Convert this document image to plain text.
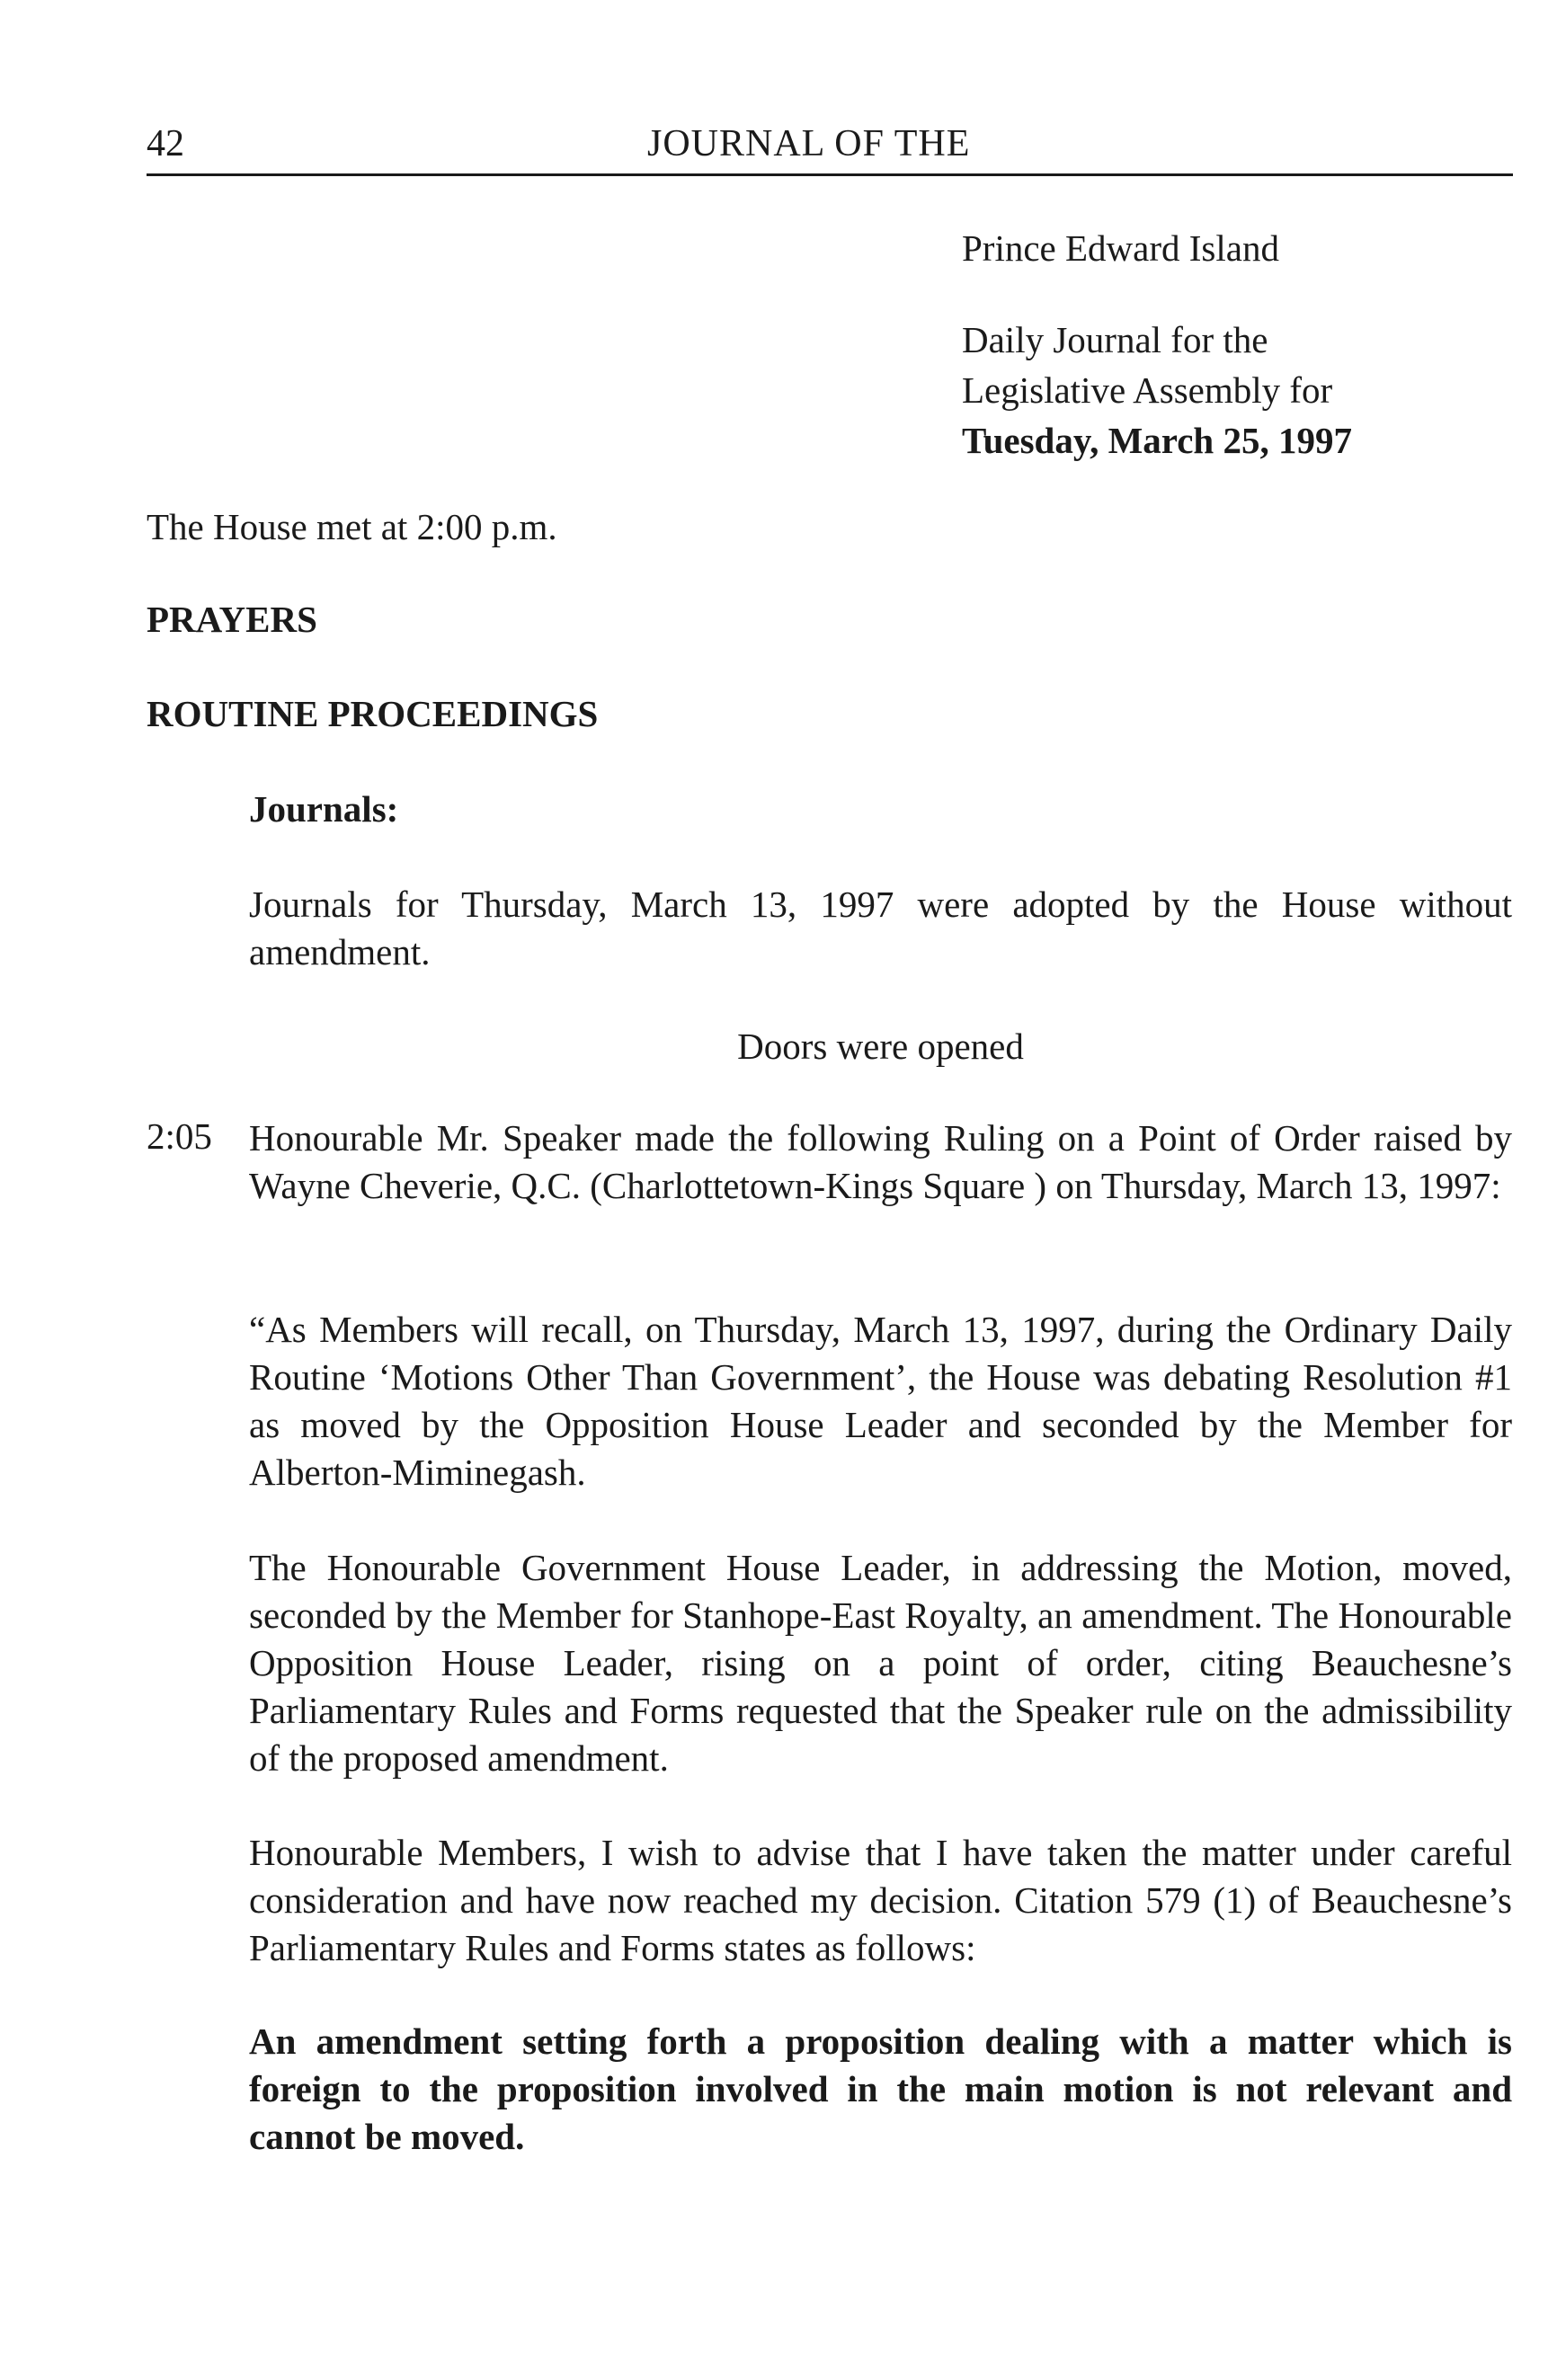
42	JOURNAL OF THE
Prince Edward Island
Daily Journal for the
Legislative Assembly for
Tuesday, March 25, 1997
The House met at 2:00 p.m.
PRAYERS
ROUTINE PROCEEDINGS
Journals:
Journals for Thursday, March 13, 1997 were adopted by the House without amendment.
Doors were opened
2:05 Honourable Mr. Speaker made the following Ruling on a Point of Order raised by Wayne Cheverie, Q.C. (Charlottetown-Kings Square ) on Thursday, March 13, 1997:
“As Members will recall, on Thursday, March 13, 1997, during the Ordinary Daily Routine ‘Motions Other Than Government’, the House was debating Resolution #1 as moved by the Opposition House Leader and seconded by the Member for Alberton-Miminegash.
The Honourable Government House Leader, in addressing the Motion, moved, seconded by the Member for Stanhope-East Royalty, an amendment. The Honourable Opposition House Leader, rising on a point of order, citing Beauchesne’s Parliamentary Rules and Forms requested that the Speaker rule on the admissibility of the proposed amendment.
Honourable Members, I wish to advise that I have taken the matter under careful consideration and have now reached my decision. Citation 579 (1) of Beauchesne’s Parliamentary Rules and Forms states as follows:
An amendment setting forth a proposition dealing with a matter which is foreign to the proposition involved in the main motion is not relevant and cannot be moved.
